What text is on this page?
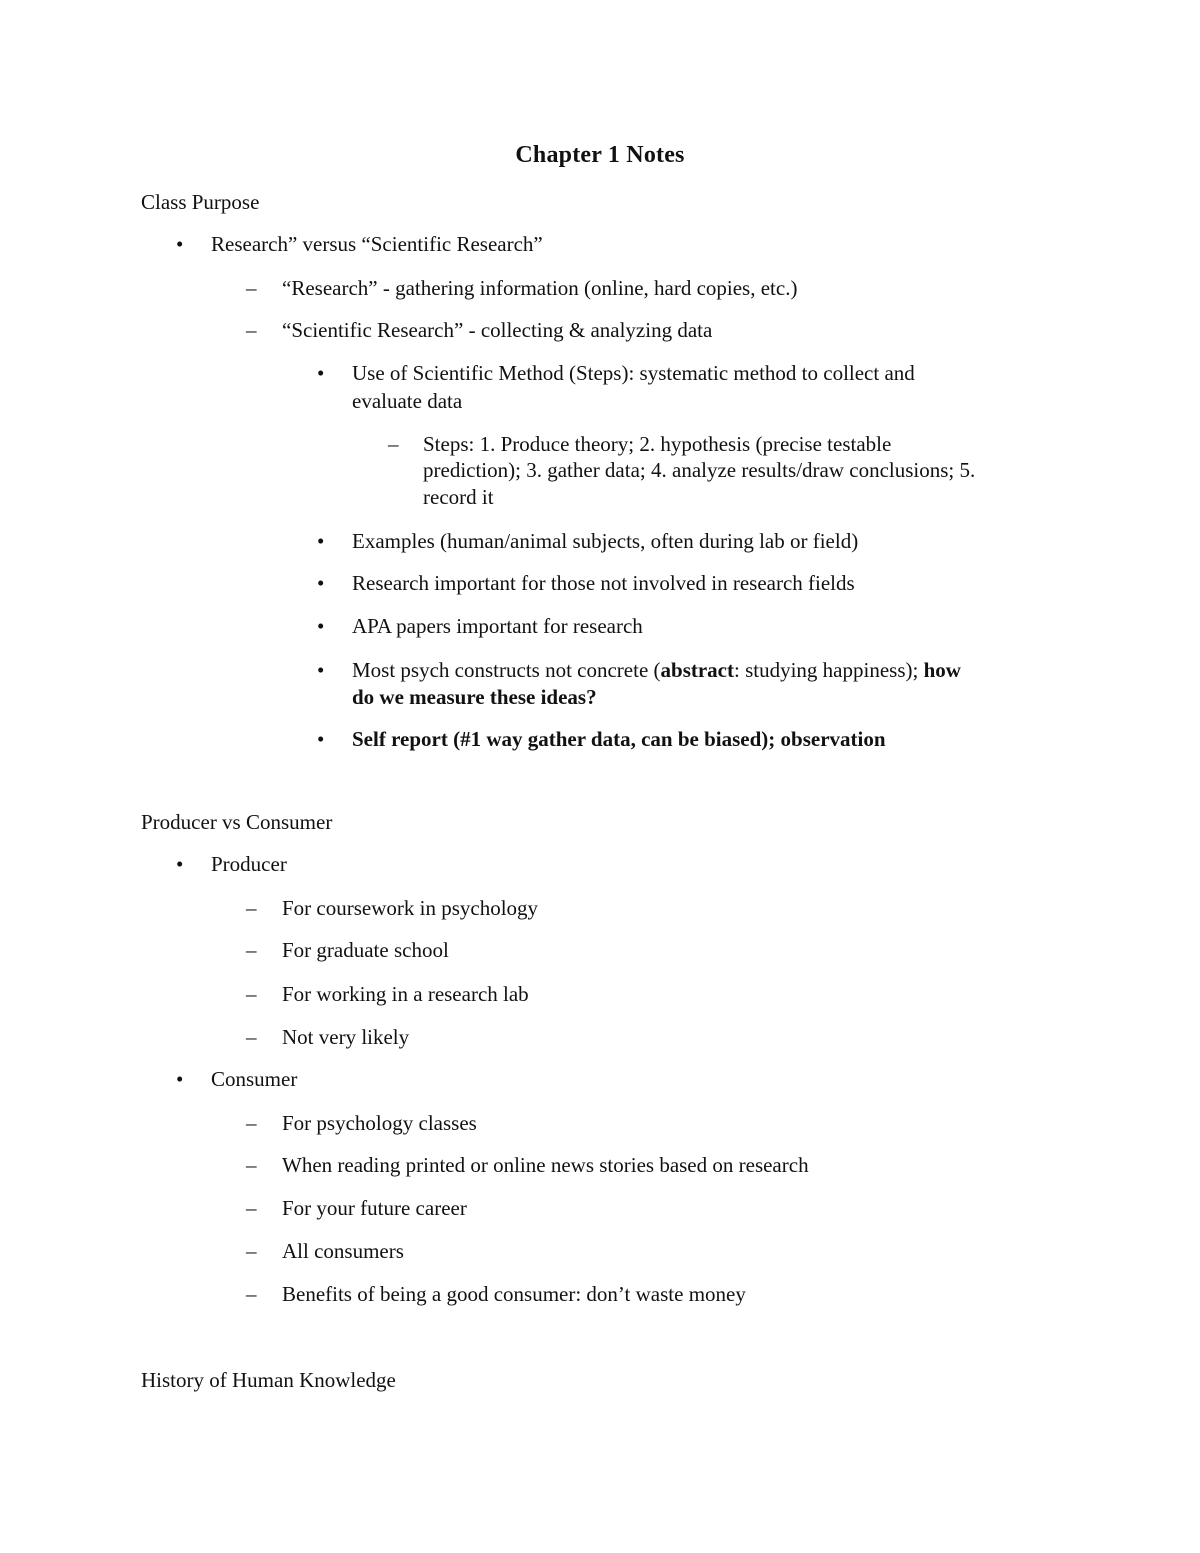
Chapter 1 Notes
Class Purpose
• Research” versus “Scientific Research”
– “Research” - gathering information (online, hard copies, etc.)
– “Scientific Research” - collecting & analyzing data
• Use of Scientific Method (Steps): systematic method to collect and
evaluate data
– Steps: 1. Produce theory; 2. hypothesis (precise testable
prediction); 3. gather data; 4. analyze results/draw conclusions; 5.
record it
• Examples (human/animal subjects, often during lab or field)
• Research important for those not involved in research fields
• APA papers important for research
• Most psych constructs not concrete (abstract: studying happiness); how
do we measure these ideas?
• Self report (#1 way gather data, can be biased); observation
Producer vs Consumer
• Producer
– For coursework in psychology
– For graduate school
– For working in a research lab
– Not very likely
• Consumer
– For psychology classes
– When reading printed or online news stories based on research
– For your future career
– All consumers
– Benefits of being a good consumer: don’t waste money
History of Human Knowledge
